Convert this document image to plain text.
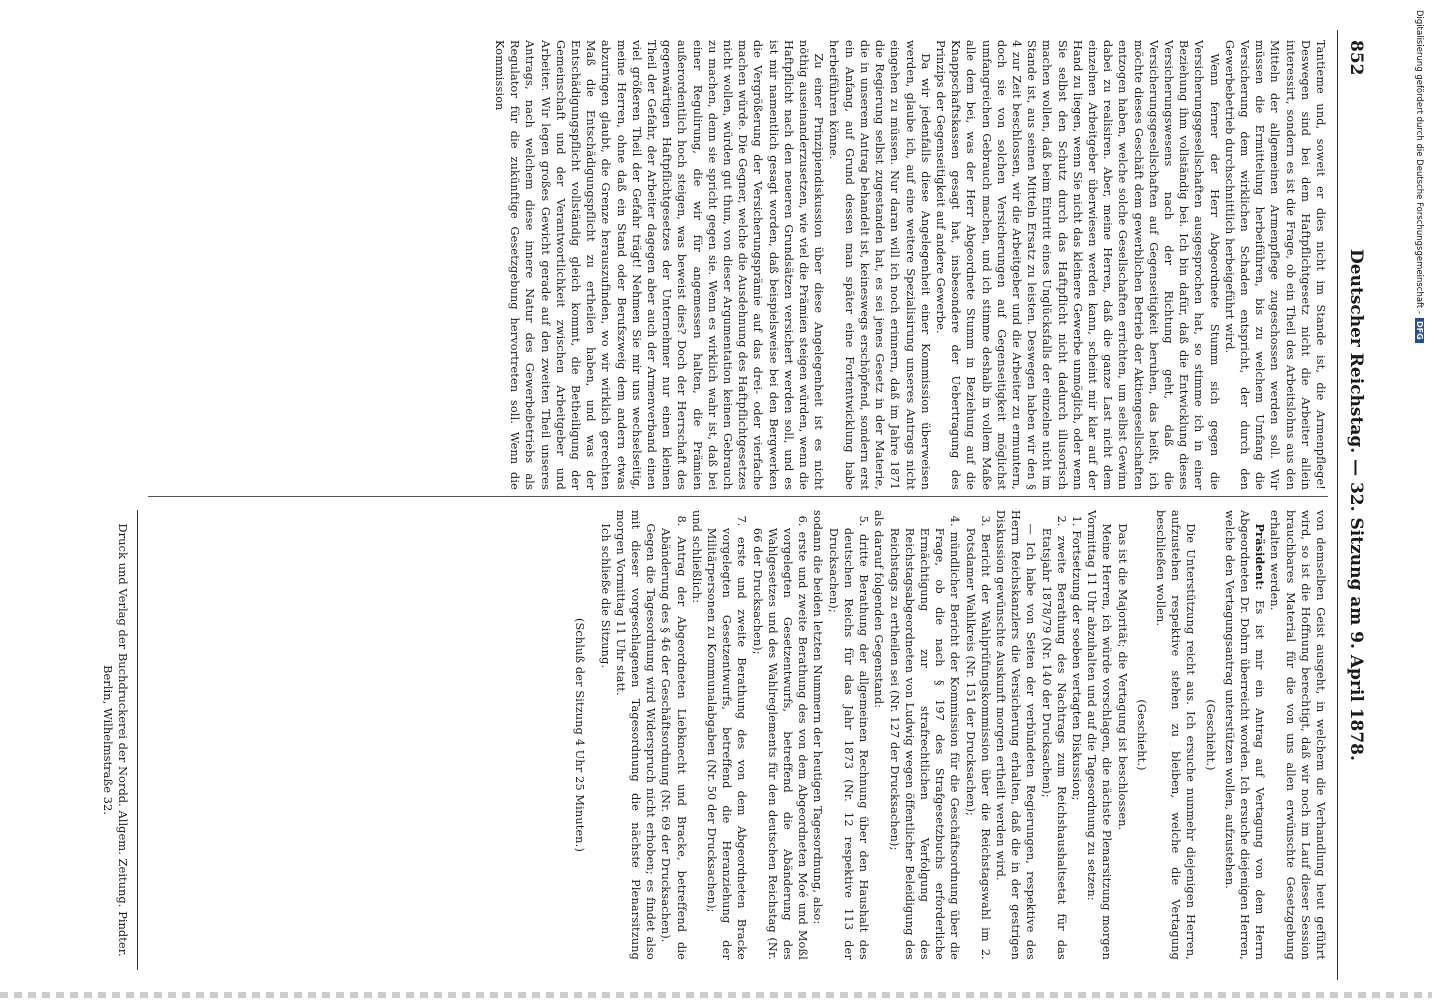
852
Deutscher Reichstag. — 32. Sitzung am 9. April 1878.

Tantieme und, soweit er dies nicht im Stande ist, die Armenpflege! Deswegen sind bei dem Haftpflichtgesetz nicht die Arbeiter allein interessirt, sondern es ist die Frage, ob ein Theil des Arbeitslohns aus den Mitteln der allgemeinen Armenpflege zugeschossen werden soll. Wir müssen die Ermittelung herbeiführen, bis zu welchem Umfang die Versicherung dem wirklichen Schaden entspricht, der durch den Gewerbebetrieb durchschnittlich herbeigeführt wird.

Wenn ferner der Herr Abgeordnete Stumm sich gegen die Versicherungsgesellschaften ausgesprochen hat, so stimme ich in einer Beziehung ihm vollständig bei. Ich bin dafür, daß die Entwicklung dieses Versicherungswesens nach der Richtung geht, daß die Versicherungsgesellschaften auf Gegenseitigkeit beruhen, das heißt, ich möchte dieses Geschäft dem gewerblichen Betrieb der Aktiengesellschaften entzogen haben, welche solche Gesellschaften errichten, um selbst Gewinn dabei zu realisiren. Aber, meine Herren, daß die ganze Last nicht dem einzelnen Arbeitgeber überwiesen werden kann, scheint mir klar auf der Hand zu liegen, wenn Sie nicht das kleinere Gewerbe unmöglich, oder wenn Sie selbst den Schutz durch das Haftpflicht nicht dadurch illusorisch machen wollen, daß beim Eintritt eines Unglücksfalls der einzelne nicht im Stande ist, aus seinen Mitteln Ersatz zu leisten. Deswegen haben wir den § 4 zur Zeit beschlossen, wir die Arbeitgeber und die Arbeiter zu ermuntern, doch sie von solchen Versicherungen auf Gegenseitigkeit möglichst umfangreichen Gebrauch machen, und ich stimme deshalb in vollem Maße alle dem bei, was der Herr Abgeordnete Stumm in Beziehung auf die Knappschaftskassen gesagt hat, insbesondere der Uebertragung des Prinzips der Gegenseitigkeit auf andere Gewerbe.

Da wir jedenfalls diese Angelegenheit einer Kommission überweisen werden, glaube ich, auf eine weitere Spezialisirung unseres Antrags nicht eingehen zu müssen. Nur daran will ich noch erinnern, daß im Jahre 1871 die Regierung selbst zugestanden hat, es sei jenes Gesetz in der Materie, die in unserem Antrag behandelt ist, keineswegs erschöpfend, sondern erst ein Anfang, auf Grund dessen man später eine Fortentwicklung habe herbeiführen könne.

Zu einer Prinzipiendiskussion über diese Angelegenheit ist es nicht nöthig auseinanderzusetzen, wie viel die Prämien steigen würden, wenn die Haftpflicht nach den neueren Grundsätzen versichert werden soll, und es ist mir namentlich gesagt worden, daß beispielsweise bei den Bergwerken die Vergrößerung der Versicherungsprämie auf das drei- oder vierfache machen würde. Die Gegner, welche die Ausdehnung des Haftpflichtgesetzes nicht wollen, würden gut thun, von dieser Argumentation keinen Gebrauch zu machen, denn sie spricht gegen sie. Wenn es wirklich wahr ist, daß bei einer Regulirung, die wir für angemessen halten, die Prämien außerordentlich hoch steigen, was beweist dies? Doch der Herrschaft des gegenwärtigen Haftpflichtgesetzes der Unternehmer nur einen kleinen Theil der Gefahr, der Arbeiter dagegen aber auch der Armenverband einen viel größeren Theil der Gefahr trägt! Nehmen Sie mir uns wechselseitig, meine Herren, ohne daß ein Stand oder Berufszweig dem andern etwas abzuringen glaubt, die Grenze herauszufinden, wo wir wirklich gerechten Maß die Entschädigungspflicht zu ertheilen haben, und was der Entschädigungspflicht vollständig gleich kommt, die Betheiligung der Gemeinschaft und der Verantwortlichkeit zwischen Arbeitgeber und Arbeiter. Wir legen großes Gewicht gerade auf den zweiten Theil unseres Antrags, nach welchem diese innere Natur des Gewerbebetriebs als Regulator für die zukünftige Gesetzgebung hervortreten soll. Wenn die Kommission

von demselben Geist ausgeht, in welchem die Verhandlung heut geführt wird, so ist die Hoffnung berechtigt, daß wir noch im Lauf dieser Session brauchbares Material für die von uns allen erwünschte Gesetzgebung erhalten werden.

Präsident: Es ist mir ein Antrag auf Vertagung von dem Herrn Abgeordneten Dr. Dohrn überreicht worden. Ich ersuche diejenigen Herren, welche den Vertagungsantrag unterstützen wollen, aufzustehen.

(Geschieht.)

Die Unterstützung reicht aus. Ich ersuche nunmehr diejenigen Herren, aufzustehen respektive stehen zu bleiben, welche die Vertagung beschließen wollen.

(Geschieht.)

Das ist die Majorität; die Vertagung ist beschlossen.

Meine Herren, ich würde vorschlagen, die nächste Plenarsitzung morgen Vormittag 11 Uhr abzuhalten und auf die Tagesordnung zu setzen:

1. Fortsetzung der soeben vertagten Diskussion;
2. zweite Berathung des Nachtrags zum Reichshaushaltsetat für das Etatsjahr 1878/79 (Nr. 140 der Drucksachen);

— Ich habe von Seiten der verbündeten Regierungen, respektive des Herrn Reichskanzlers die Versicherung erhalten, daß die in der gestrigen Diskussion gewünschte Auskunft morgen ertheilt werden wird.

3. Bericht der Wahlprüfungskommission über die Reichstagswahl im 2. Potsdamer Wahlkreis (Nr. 151 der Drucksachen);
4. mündlicher Bericht der Kommission für die Geschäftsordnung über die Frage, ob die nach § 197 des Strafgesetzbuchs erforderliche Ermächtigung zur strafrechtlichen Verfolgung des Reichstagsabgeordneten von Ludwig wegen öffentlicher Beleidigung des Reichstags zu ertheilen sei (Nr. 127 der Drucksachen);

als darauf folgenden Gegenstand:

5. dritte Berathung der allgemeinen Rechnung über den Haushalt des deutschen Reichs für das Jahr 1873 (Nr. 12 respektive 113 der Drucksachen);

sodann die beiden letzten Nummern der heutigen Tagesordnung, also:

6. erste und zweite Berathung des von dem Abgeordneten Moé und Moßl vorgelegten Gesetzentwurfs, betreffend die Abänderung des Wahlgesetzes und des Wahlreglements für den deutschen Reichstag (Nr. 66 der Drucksachen);
7. erste und zweite Berathung des von dem Abgeordneten Bracke vorgelegten Gesetzentwurfs, betreffend die Heranziehung der Militärpersonen zu Kommunalabgaben (Nr. 50 der Drucksachen);

und schließlich:

8. Antrag der Abgeordneten Liebknecht und Bracke, betreffend die Abänderung des § 46 der Geschäftsordnung (Nr. 69 der Drucksachen).

Gegen die Tagesordnung wird Widerspruch nicht erhoben; es findet also mit dieser vorgeschlagenen Tagesordnung die nächste Plenarsitzung morgen Vormittag 11 Uhr statt.

Ich schließe die Sitzung.

(Schluß der Sitzung 4 Uhr 25 Minuten.)
Druck und Verlag der Buchdruckerei der Nordd. Allgem. Zeitung. Pindter.
Berlin, Wilhelmstraße 32.
Digitalisierung gefördert durch die Deutsche Forschungsgemeinschaft -DFG
